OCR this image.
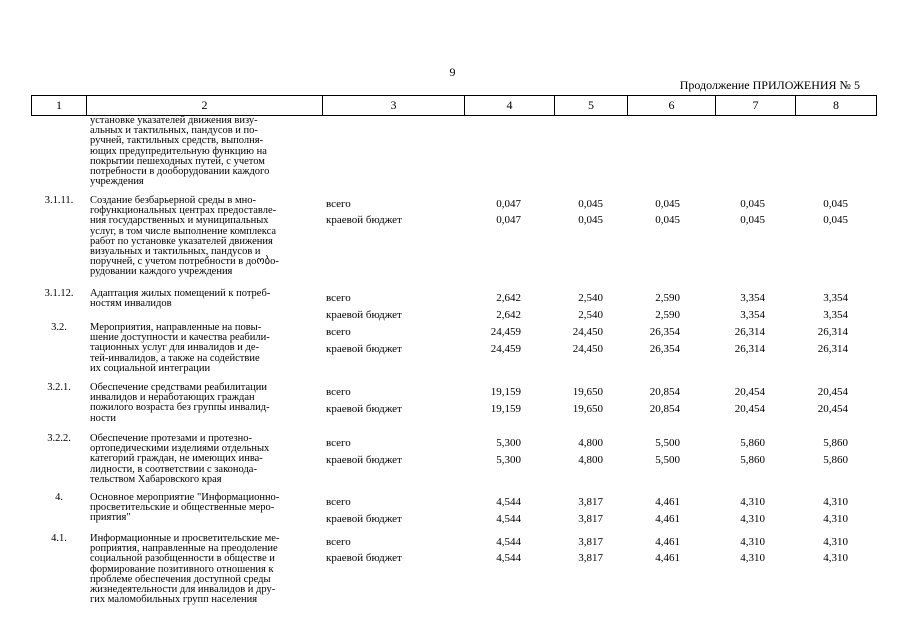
9
Продолжение ПРИЛОЖЕНИЯ № 5
1	2	3	4	5	6	7	8
установке указателей движения визу-
альных и тактильных, пандусов и по-
ручней, тактильных средств, выполня-
ющих предупредительную функцию на
покрытии пешеходных путей, с учетом
потребности в дооборудовании каждого
учреждения
3.1.11.	Создание безбарьерной среды в мно-
гофункциональных центрах предоставле-
ния государственных и муниципальных
услуг, в том числе выполнение комплекса
работ по установке указателей движения
визуальных и тактильных, пандусов и
поручней, с учетом потребности в доობо-
рудовании каждого учреждения
всего	0,047	0,045	0,045	0,045	0,045
краевой бюджет	0,047	0,045	0,045	0,045	0,045
3.1.12.	Адаптация жилых помещений к потреб-
ностям инвалидов	всего	2,642	2,540	2,590	3,354	3,354
краевой бюджет	2,642	2,540	2,590	3,354	3,354
3.2.	Мероприятия, направленные на повы-
шение доступности и качества реабили-
тационных услуг для инвалидов и де-
тей-инвалидов, а также на содействие
их социальной интеграции
всего	24,459	24,450	26,354	26,314	26,314
краевой бюджет	24,459	24,450	26,354	26,314	26,314
3.2.1.	Обеспечение средствами реабилитации
инвалидов и неработающих граждан
пожилого возраста без группы инвалид-
ности
всего	19,159	19,650	20,854	20,454	20,454
краевой бюджет	19,159	19,650	20,854	20,454	20,454
3.2.2.	Обеспечение протезами и протезно-
ортопедическими изделиями отдельных
категорий граждан, не имеющих инва-
лидности, в соответствии с законода-
тельством Хабаровского края
всего	5,300	4,800	5,500	5,860	5,860
краевой бюджет	5,300	4,800	5,500	5,860	5,860
4.	Основное мероприятие "Информационно-
просветительские и общественные меро-
приятия"
всего	4,544	3,817	4,461	4,310	4,310
краевой бюджет	4,544	3,817	4,461	4,310	4,310
4.1.	Информационные и просветительские ме-
роприятия, направленные на преодоление
социальной разобщенности в обществе и
формирование позитивного отношения к
проблеме обеспечения доступной среды
жизнедеятельности для инвалидов и дру-
гих маломобильных групп населения
всего	4,544	3,817	4,461	4,310	4,310
краевой бюджет	4,544	3,817	4,461	4,310	4,310
